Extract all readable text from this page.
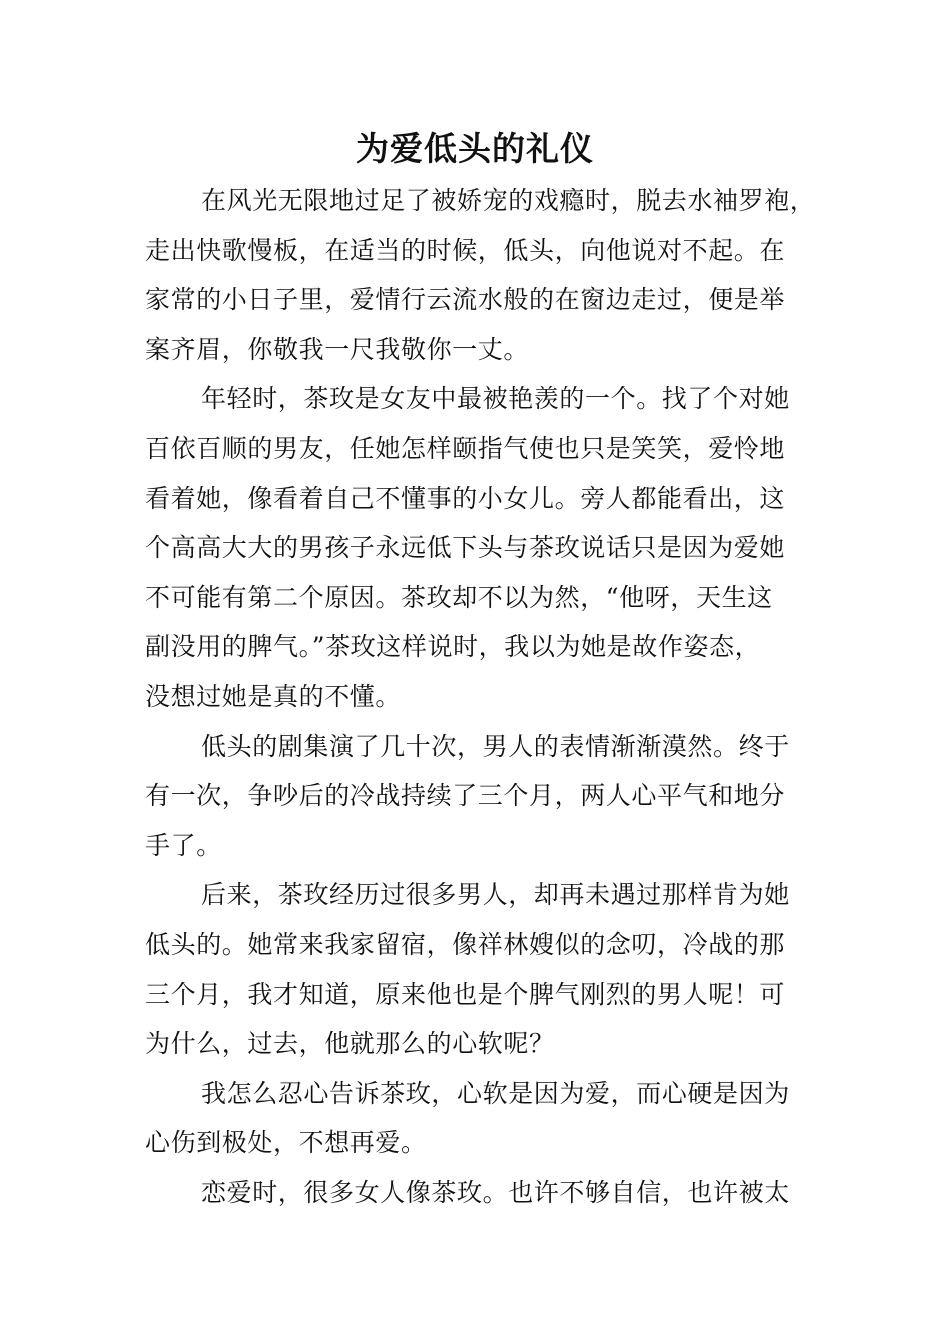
为爱低头的礼仪
在风光无限地过足了被娇宠的戏瘾时，脱去水袖罗袍，
走出快歌慢板，在适当的时候，低头，向他说对不起。在
家常的小日子里，爱情行云流水般的在窗边走过，便是举
案齐眉，你敬我一尺我敬你一丈。
年轻时，茶玫是女友中最被艳羡的一个。找了个对她
百依百顺的男友，任她怎样颐指气使也只是笑笑，爱怜地
看着她，像看着自己不懂事的小女儿。旁人都能看出，这
个高高大大的男孩子永远低下头与茶玫说话只是因为爱她
不可能有第二个原因。茶玫却不以为然，“他呀，天生这
副没用的脾气。”茶玫这样说时，我以为她是故作姿态，
没想过她是真的不懂。
低头的剧集演了几十次，男人的表情渐渐漠然。终于
有一次，争吵后的冷战持续了三个月，两人心平气和地分
手了。
后来，茶玫经历过很多男人，却再未遇过那样肯为她
低头的。她常来我家留宿，像祥林嫂似的念叨，冷战的那
三个月，我才知道，原来他也是个脾气刚烈的男人呢！可
为什么，过去，他就那么的心软呢？
我怎么忍心告诉茶玫，心软是因为爱，而心硬是因为
心伤到极处，不想再爱。
恋爱时，很多女人像茶玫。也许不够自信，也许被太
